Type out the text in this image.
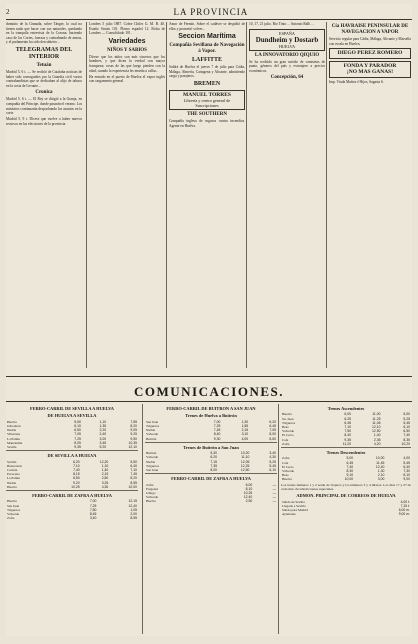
2	LA PROVINCIA

dominio de la Granada, sobre Tánger, lo cual no tienen nada que hacer con sus naturales, quedando en la tranquila entrevista de la Corona, haciendo caso de los Cortes, fuerzas y contrabando de armas, y el parlamento ha sido descubierto...

TELEGRAMAS DEL INTERIOR
Tetuán

Madrid 5, 6 t. — Se recibió de Cataluña noticias de haber sido conseguidos por la Guardia civil varios contrabandistas que se dedicaban al alijo de tabaco en la costa de Levante...

Cronica

Madrid 5, 6 t. — El Rey se dirigió a la Granja, en compañía del Príncipe, donde pasarán el verano. Los ministros continuarán despachando los asuntos en la corte.

Madrid 5, 9 t. Dícese que vuelve a haber nuevos recursos en las elecciones de la provincia.

Londres 5 julio 1887. Cobre Chiles G. M. B. 40. Estaño Straits 101. Plomo español 12. Bolsa de Londres — Consolidado 101.

Variedades
NIÑOS Y SABIOS

Dícese que los niños son más sinceros que los hombres, y que dicen la verdad con mayor franqueza; cosas de las que luego pierden con la edad, cuando la experiencia les enseña a callar...

Ha entrado en el puerto de Huelva el vapor inglés con cargamento general.

Amor de Fermín. Sobre el cadáver se despidió de ellos y prometió volver...

Seccion Marítima
Compañía Sevillana de Navegación á Vapor.
LAFFITTE

Saldrá de Huelva el jueves 7 de julio para Cádiz, Málaga, Almería, Cartagena y Alicante, admitiendo carga y pasajeros.

BREMEN
MANUEL TORRES
Librería y centro general de Suscripciones
THE SOUTHERN

Compañía inglesa de seguros contra incendios. Agente en Huelva.

10, 17, 21 julio. Rio Tinto ... Antonio Ralli ...

ESPAÑA
Dundheim y Dostarb
HUELVA
LA INNOVATORIO QIQUIO

Se ha recibido un gran surtido de camisetas de punto, géneros del país y extranjero a precios económicos.

Concepción, 64
Cía HAVRAISE PENINSULAR DE NAVEGACION A VAPOR

Servicio regular para Cádiz, Málaga, Alicante y Marsella con escala en Huelva.

DIEGO PEREZ ROMERO
FONDA Y PARADOR
¡NO MAS GANAS!

Imp. Viuda Muñoz é Hijos, Sagasta 6.

COMUNICACIONES.
FERRO-CARRIL DE SEVILLA A HUELVA
DE HUELVA A SEVILLA
Huelva	5,50	1,10	7,55
Gibraleón	6,10	1,35	8,20
Niebla	6,50	2,20	9,05
Villarrasa	7,05	2,40	9,25
La Palma	7,25	3,00	9,50
Manzanilla	8,05	3,45	10,35
Sevilla	9,35	5,20	12,10
DE SEVILLA A HUELVA
Sevilla	6,20	12,20	5,50
Benacazón	7,10	1,10	6,40
Carrión	7,40	1,40	7,10
Escacena	8,15	2,15	7,45
La Palma	8,50	2,50	8,20
Niebla	9,20	3,25	8,55
Huelva	10,25	4,30	10,00
FERRO-CARRIL DE ZAFRA A HUELVA
Huelva	7,00	12,15
San Juan	7,25	12,40
Trigueros	7,50	1,05
Valverde	8,45	2,00
Zafra	3,40	8,55
FERRO-CARRIL DE BUITRON A SAN JUAN
Trenes de Huelva a Buitrón
San Juan	7,00	1,30	6,20
Trigueros	7,25	1,55	6,45
Niebla	7,45	2,15	7,05
Valverde	8,40	3,10	8,00
Buitrón	9,30	4,00	8,50
Trenes de Buitrón a San Juan
Buitrón	5,30	10,20	3,40
Valverde	6,20	11,10	4,30
Niebla	7,15	12,05	5,25
Trigueros	7,35	12,25	5,45
San Juan	8,00	12,50	6,10
FERRO-CARRIL DE ZAFRA A HUELVA
Zafra	6,00	—
Fregenal	8,10	—
Jabugo	10,25	—
Valverde	12,40	—
Huelva	2,50	—
Trenes Ascendentes
Huelva	6,00	11,00	5,00
Sn. Juan	6,25	11,25	5,25
Trigueros	6,45	11,45	5,45
Beas	7,10	12,10	6,10
Valverde	7,50	12,50	6,50
El Cerro	8,40	1,40	7,40
Cala	9,35	2,35	8,35
Zafra	11,20	4,20	10,20
Trenes Descendentes
Zafra	5,00	10,00	4,00
Cala	6,45	11,45	5,45
El Cerro	7,40	12,40	6,40
Valverde	8,30	1,30	7,30
Beas	9,10	2,10	8,10
Huelva	10,00	3,00	9,00

Los trenes números 1 y 2 serán de viajeros y los números 3 y 4 mixtos. Los días 17 y 27 de cada mes circularán trenes especiales.

ADMON. PRINCIPAL DE CORREOS DE HUELVA
Salida de Sevilla	4,00 t.
Llegada a Sevilla	7,15 t.
Salida para Madrid	6,00 m.
Ayamonte	9,00 m.
